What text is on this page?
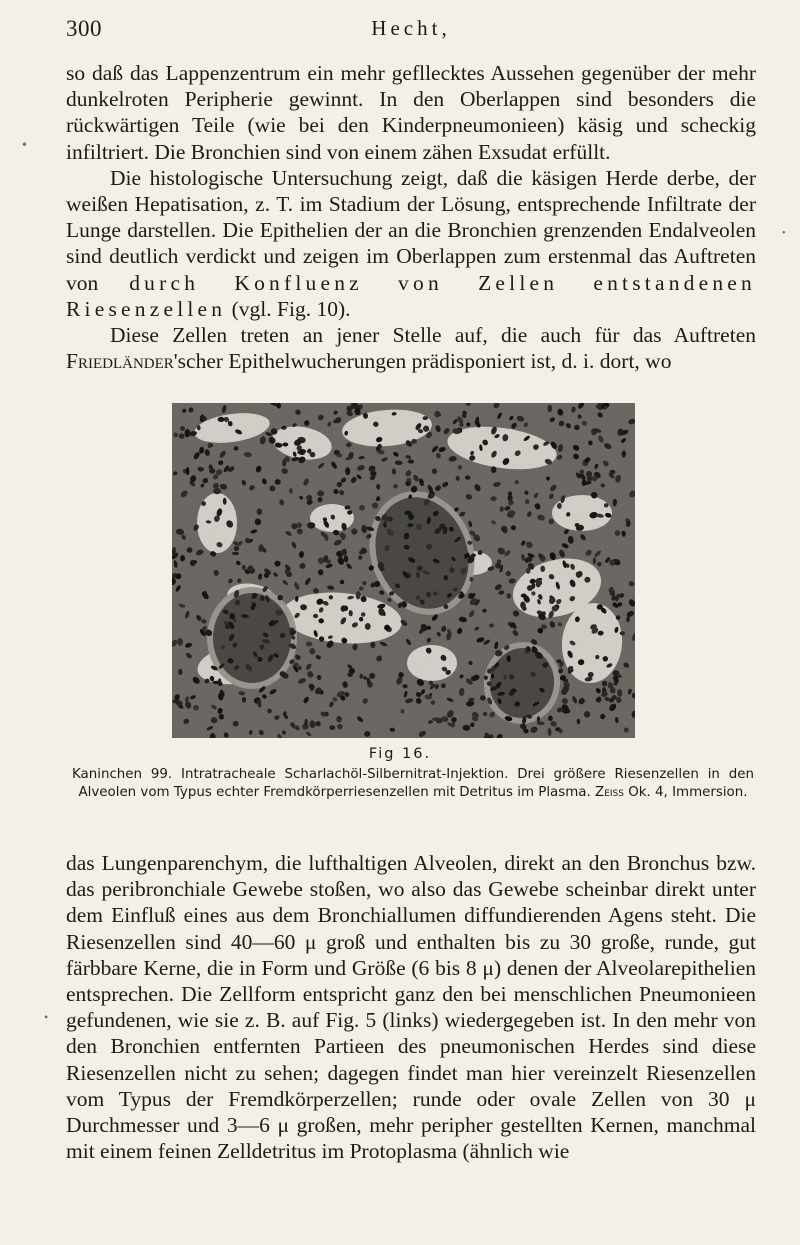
300	Hecht,

so daß das Lappenzentrum ein mehr gefllecktes Aussehen gegenüber der mehr dunkelroten Peripherie gewinnt. In den Oberlappen sind besonders die rückwärtigen Teile (wie bei den Kinderpneumonieen) käsig und scheckig infiltriert. Die Bronchien sind von einem zähen Exsudat erfüllt.

Die histologische Untersuchung zeigt, daß die käsigen Herde derbe, der weißen Hepatisation, z. T. im Stadium der Lösung, entsprechende Infiltrate der Lunge darstellen. Die Epithelien der an die Bronchien grenzenden Endalveolen sind deutlich verdickt und zeigen im Oberlappen zum erstenmal das Auftreten von durch Konfluenz von Zellen entstandenen Riesenzellen (vgl. Fig. 10).

Diese Zellen treten an jener Stelle auf, die auch für das Auftreten Friedländer'scher Epithelwucherungen prädisponiert ist, d. i. dort, wo

Fig 16.
Kaninchen 99. Intratracheale Scharlachöl-Silbernitrat-Injektion. Drei größere Riesenzellen in den Alveolen vom Typus echter Fremdkörperriesenzellen mit Detritus im Plasma. Zeiss Ok. 4, Immersion.

das Lungenparenchym, die lufthaltigen Alveolen, direkt an den Bronchus bzw. das peribronchiale Gewebe stoßen, wo also das Gewebe scheinbar direkt unter dem Einfluß eines aus dem Bronchiallumen diffundierenden Agens steht. Die Riesenzellen sind 40—60 μ groß und enthalten bis zu 30 große, runde, gut färbbare Kerne, die in Form und Größe (6 bis 8 μ) denen der Alveolarepithelien entsprechen. Die Zellform entspricht ganz den bei menschlichen Pneumonieen gefundenen, wie sie z. B. auf Fig. 5 (links) wiedergegeben ist. In den mehr von den Bronchien entfernten Partieen des pneumonischen Herdes sind diese Riesenzellen nicht zu sehen; dagegen findet man hier vereinzelt Riesenzellen vom Typus der Fremdkörperzellen; runde oder ovale Zellen von 30 μ Durchmesser und 3—6 μ großen, mehr peripher gestellten Kernen, manchmal mit einem feinen Zelldetritus im Protoplasma (ähnlich wie

•
•
•
